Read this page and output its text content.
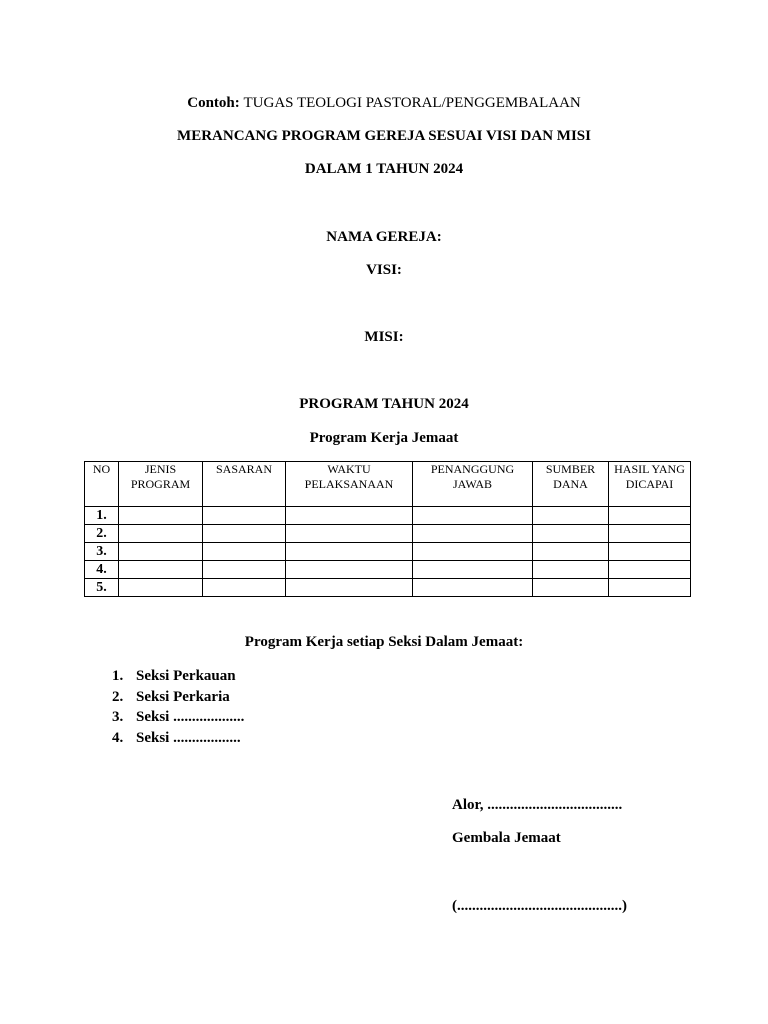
Contoh: TUGAS TEOLOGI PASTORAL/PENGGEMBALAAN
MERANCANG PROGRAM GEREJA SESUAI VISI DAN MISI
DALAM 1 TAHUN 2024
NAMA GEREJA:
VISI:
MISI:
PROGRAM TAHUN 2024
Program Kerja Jemaat
NO	JENIS PROGRAM	SASARAN	WAKTU PELAKSANAAN	PENANGGUNG JAWAB	SUMBER DANA	HASIL YANG DICAPAI
1.						
2.						
3.						
4.						
5.						
Program Kerja setiap Seksi Dalam Jemaat:
1. Seksi Perkauan
2. Seksi Perkaria
3. Seksi ...................
4. Seksi ..................
Alor, ....................................
Gembala Jemaat
(............................................)
